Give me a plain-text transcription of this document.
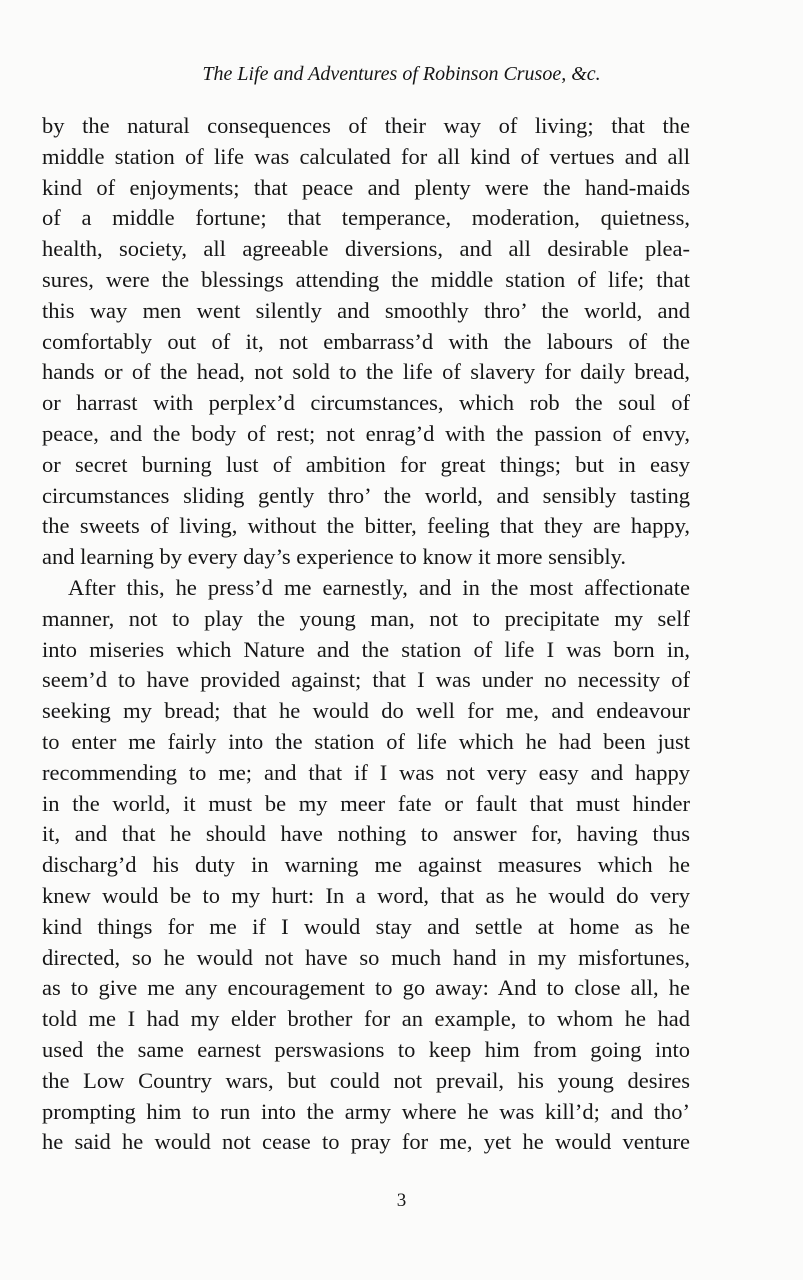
The Life and Adventures of Robinson Crusoe, &c.
by the natural consequences of their way of living; that the
middle station of life was calculated for all kind of vertues and all
kind of enjoyments; that peace and plenty were the hand-maids
of a middle fortune; that temperance, moderation, quietness,
health, society, all agreeable diversions, and all desirable plea-
sures, were the blessings attending the middle station of life; that
this way men went silently and smoothly thro’ the world, and
comfortably out of it, not embarrass’d with the labours of the
hands or of the head, not sold to the life of slavery for daily bread,
or harrast with perplex’d circumstances, which rob the soul of
peace, and the body of rest; not enrag’d with the passion of envy,
or secret burning lust of ambition for great things; but in easy
circumstances sliding gently thro’ the world, and sensibly tasting
the sweets of living, without the bitter, feeling that they are happy,
and learning by every day’s experience to know it more sensibly.
After this, he press’d me earnestly, and in the most affectionate
manner, not to play the young man, not to precipitate my self
into miseries which Nature and the station of life I was born in,
seem’d to have provided against; that I was under no necessity of
seeking my bread; that he would do well for me, and endeavour
to enter me fairly into the station of life which he had been just
recommending to me; and that if I was not very easy and happy
in the world, it must be my meer fate or fault that must hinder
it, and that he should have nothing to answer for, having thus
discharg’d his duty in warning me against measures which he
knew would be to my hurt: In a word, that as he would do very
kind things for me if I would stay and settle at home as he
directed, so he would not have so much hand in my misfortunes,
as to give me any encouragement to go away: And to close all, he
told me I had my elder brother for an example, to whom he had
used the same earnest perswasions to keep him from going into
the Low Country wars, but could not prevail, his young desires
prompting him to run into the army where he was kill’d; and tho’
he said he would not cease to pray for me, yet he would venture
3
